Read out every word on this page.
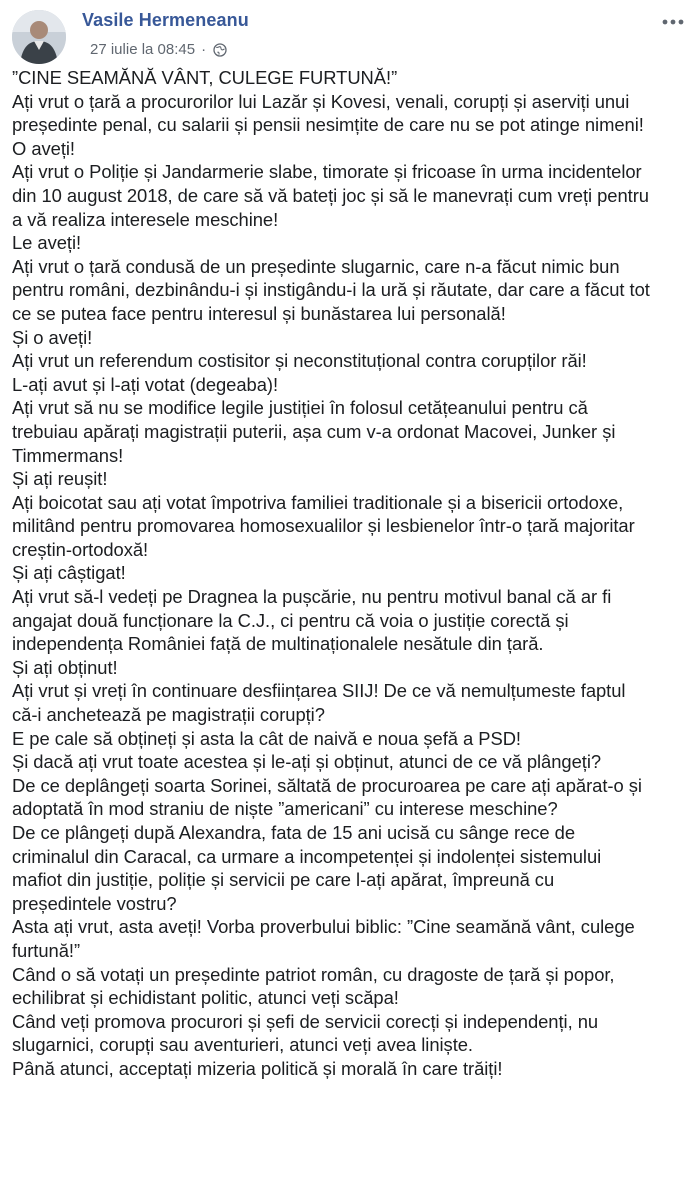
Vasile Hermeneanu
27 iulie la 08:45 ·

”CINE SEAMĂNĂ VÂNT, CULEGE FURTUNĂ!”

Ați vrut o țară a procurorilor lui Lazăr și Kovesi, venali, corupți și aserviți unui

președinte penal, cu salarii și pensii nesimțite de care nu se pot atinge nimeni!

O aveți!

Ați vrut o Poliție și Jandarmerie slabe, timorate și fricoase în urma incidentelor

din 10 august 2018, de care să vă bateți joc și să le manevrați cum vreți pentru

a vă realiza interesele meschine!

Le aveți!

Ați vrut o țară condusă de un președinte slugarnic, care n-a făcut nimic bun

pentru români, dezbinându-i și instigându-i la ură și răutate, dar care a făcut tot

ce se putea face pentru interesul și bunăstarea lui personală!

Și o aveți!

Ați vrut un referendum costisitor și neconstituțional contra corupților răi!

L-ați avut și l-ați votat (degeaba)!

Ați vrut să nu se modifice legile justiției în folosul cetățeanului pentru că

trebuiau apărați magistrații puterii, așa cum v-a ordonat Macovei, Junker și

Timmermans!

Și ați reușit!

Ați boicotat sau ați votat împotriva familiei traditionale și a bisericii ortodoxe,

militând pentru promovarea homosexualilor și lesbienelor într-o țară majoritar

creștin-ortodoxă!

Și ați câștigat!

Ați vrut să-l vedeți pe Dragnea la pușcărie, nu pentru motivul banal că ar fi

angajat două funcționare la C.J., ci pentru că voia o justiție corectă și

independența României față de multinaționalele nesătule din țară.

Și ați obținut!

Ați vrut și vreți în continuare desființarea SIIJ! De ce vă nemulțumeste faptul

că-i anchetează pe magistrații corupți?

E pe cale să obțineți și asta la cât de naivă e noua șefă a PSD!

Și dacă ați vrut toate acestea și le-ați și obținut, atunci de ce vă plângeți?

De ce deplângeți soarta Sorinei, săltată de procuroarea pe care ați apărat-o și

adoptată în mod straniu de niște ”americani” cu interese meschine?

De ce plângeți după Alexandra, fata de 15 ani ucisă cu sânge rece de

criminalul din Caracal, ca urmare a incompetenței și indolenței sistemului

mafiot din justiție, poliție și servicii pe care l-ați apărat, împreună cu

președintele vostru?

Asta ați vrut, asta aveți! Vorba proverbului biblic: ”Cine seamănă vânt, culege

furtună!”

Când o să votați un președinte patriot român, cu dragoste de țară și popor,

echilibrat și echidistant politic, atunci veți scăpa!

Când veți promova procurori și șefi de servicii corecți și independenți, nu

slugarnici, corupți sau aventurieri, atunci veți avea liniște.

Până atunci, acceptați mizeria politică și morală în care trăiți!
